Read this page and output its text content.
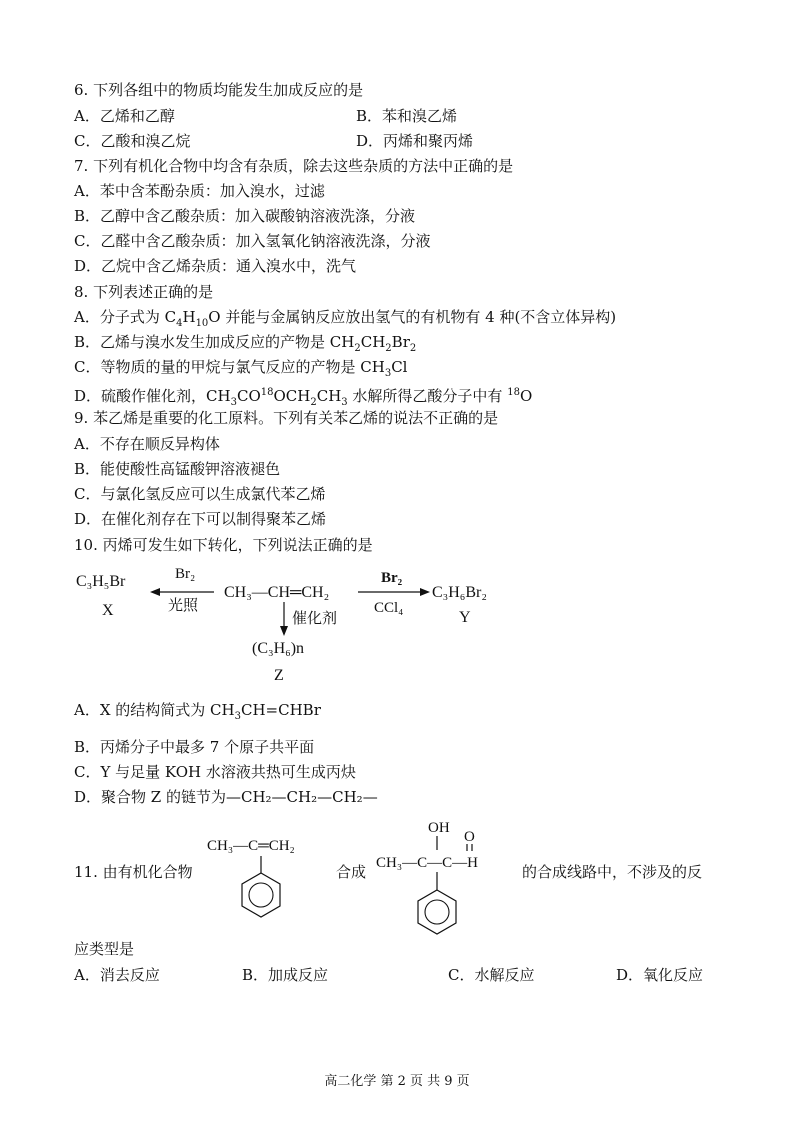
6. 下列各组中的物质均能发生加成反应的是
A．乙烯和乙醇	B．苯和溴乙烯
C．乙酸和溴乙烷	D．丙烯和聚丙烯
7. 下列有机化合物中均含有杂质，除去这些杂质的方法中正确的是
A．苯中含苯酚杂质：加入溴水，过滤
B．乙醇中含乙酸杂质：加入碳酸钠溶液洗涤，分液
C．乙醛中含乙酸杂质：加入氢氧化钠溶液洗涤，分液
D．乙烷中含乙烯杂质：通入溴水中，洗气
8. 下列表述正确的是
A．分子式为 $C_4H_{10}O$ 并能与金属钠反应放出氢气的有机物有 4 种(不含立体异构)
B．乙烯与溴水发生加成反应的产物是 $CH_2CH_2Br_2$
C．等物质的量的甲烷与氯气反应的产物是 $CH_3Cl$
D．硫酸作催化剂，$CH_3CO^{18}OCH_2CH_3$ 水解所得乙酸分子中有 $^{18}$O
9. 苯乙烯是重要的化工原料。下列有关苯乙烯的说法不正确的是
A．不存在顺反异构体
B．能使酸性高锰酸钾溶液褪色
C．与氯化氢反应可以生成氯代苯乙烯
D．在催化剂存在下可以制得聚苯乙烯
10. 丙烯可发生如下转化，下列说法正确的是
C₃H₅Br
X
Br₂
光照
CH₃—CH═CH₂
Br₂
CCl₄
C₃H₆Br₂
Y
催化剂
(C₃H₆)n
Z
A．X 的结构简式为 $CH_3CH=CHBr$
B．丙烯分子中最多 7 个原子共平面
C．Y 与足量 KOH 水溶液共热可生成丙炔
D．聚合物 Z 的链节为—CH₂—CH₂—CH₂—
11. 由有机化合物
CH₃—C═CH₂
合成
OH
O
CH₃—C—C—H	的合成线路中，不涉及的反
应类型是
A．消去反应	B．加成反应	C．水解反应	D．氧化反应
高二化学 第 2 页 共 9 页
